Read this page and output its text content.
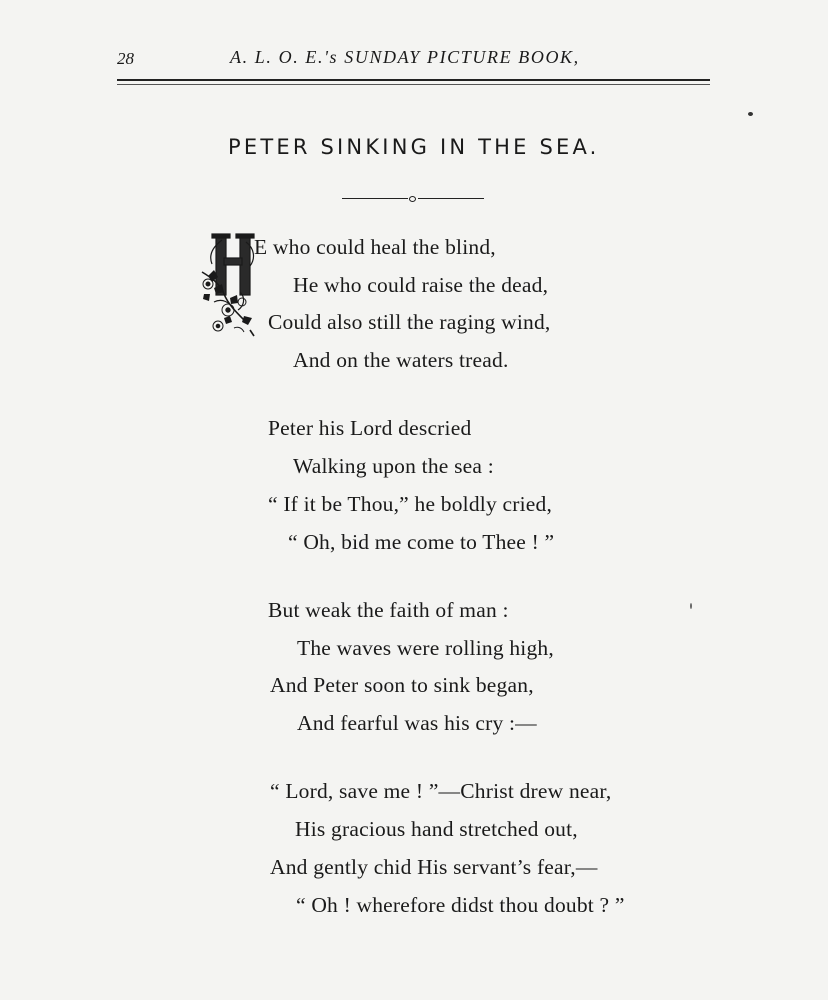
28	A. L. O. E.'s SUNDAY PICTURE BOOK,
PETER SINKING IN THE SEA.
E who could heal the blind,
He who could raise the dead,
Could also still the raging wind,
And on the waters tread.
Peter his Lord descried
Walking upon the sea :
“ If it be Thou,” he boldly cried,
“ Oh, bid me come to Thee ! ”
But weak the faith of man :
The waves were rolling high,
And Peter soon to sink began,
And fearful was his cry :—
“ Lord, save me ! ”—Christ drew near,
His gracious hand stretched out,
And gently chid His servant’s fear,—
“ Oh ! wherefore didst thou doubt ? ”
